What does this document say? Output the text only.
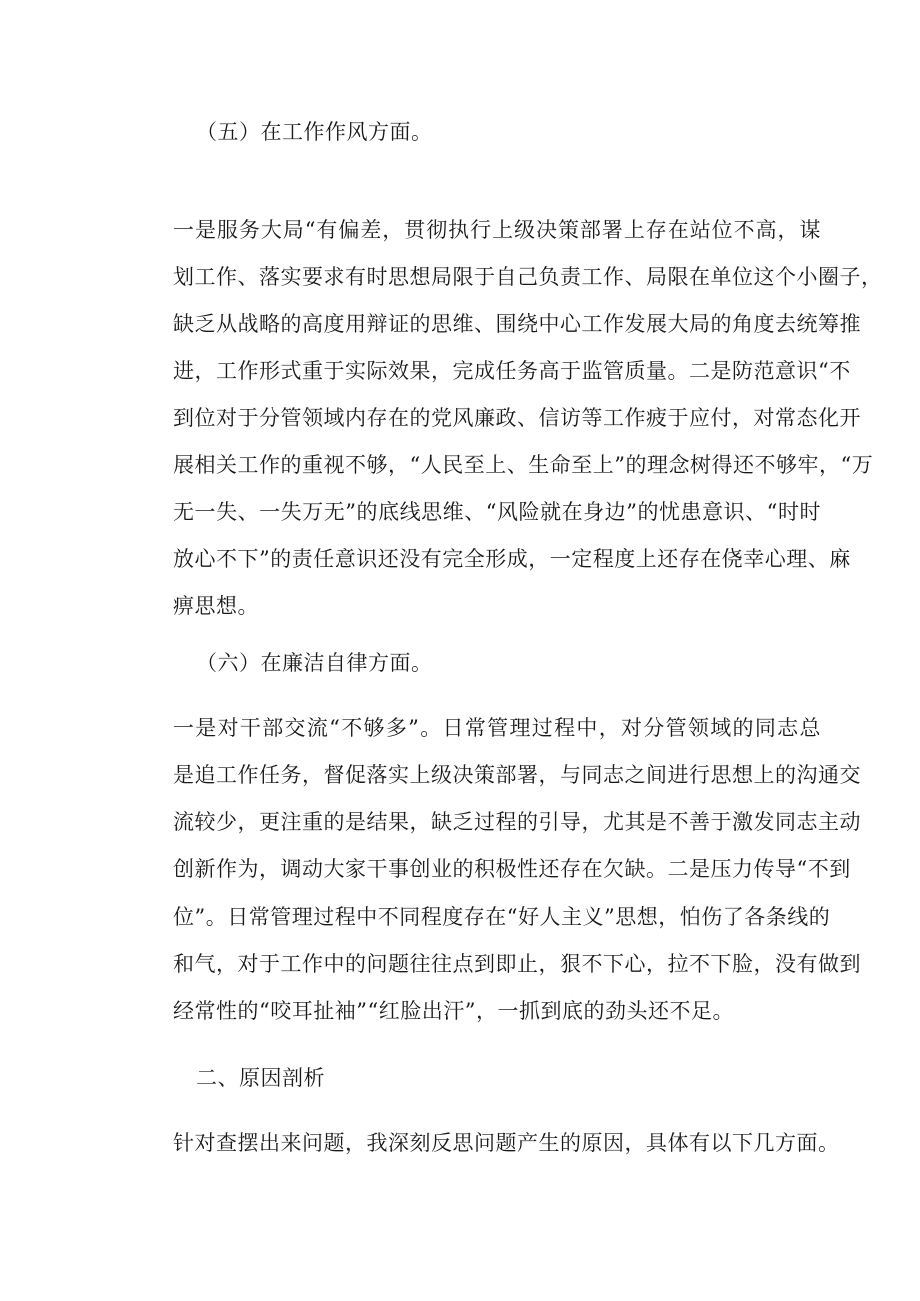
（五）在工作作风方面。
一是服务大局“有偏差，贯彻执行上级决策部署上存在站位不高，谋
划工作、落实要求有时思想局限于自己负责工作、局限在单位这个小圈子，
缺乏从战略的高度用辩证的思维、围绕中心工作发展大局的角度去统筹推
进，工作形式重于实际效果，完成任务高于监管质量。二是防范意识“不
到位对于分管领域内存在的党风廉政、信访等工作疲于应付，对常态化开
展相关工作的重视不够，“人民至上、生命至上”的理念树得还不够牢，“万
无一失、一失万无”的底线思维、“风险就在身边”的忧患意识、“时时
放心不下”的责任意识还没有完全形成，一定程度上还存在侥幸心理、麻
痹思想。
（六）在廉洁自律方面。
一是对干部交流“不够多”。日常管理过程中，对分管领域的同志总
是追工作任务，督促落实上级决策部署，与同志之间进行思想上的沟通交
流较少，更注重的是结果，缺乏过程的引导，尤其是不善于激发同志主动
创新作为，调动大家干事创业的积极性还存在欠缺。二是压力传导“不到
位”。日常管理过程中不同程度存在“好人主义”思想，怕伤了各条线的
和气，对于工作中的问题往往点到即止，狠不下心，拉不下脸，没有做到
经常性的“咬耳扯袖”“红脸出汗”，一抓到底的劲头还不足。
二、原因剖析
针对查摆出来问题，我深刻反思问题产生的原因，具体有以下几方面。
